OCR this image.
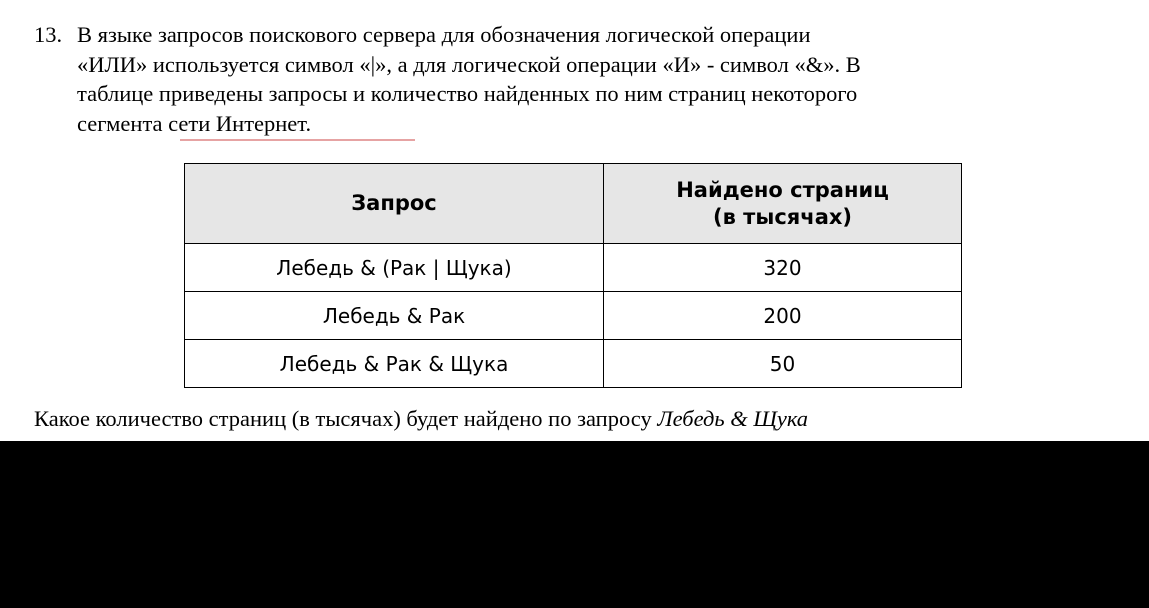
13. В языке запросов поискового сервера для обозначения логической операции
«ИЛИ» используется символ «|», а для логической операции «И» - символ «&». В
таблице приведены запросы и количество найденных по ним страниц некоторого
сегмента сети Интернет.
Запрос	Найдено страниц
(в тысячах)
Лебедь & (Рак | Щука)	320
Лебедь & Рак	200
Лебедь & Рак & Щука	50
Какое количество страниц (в тысячах) будет найдено по запросу Лебедь & Щука
